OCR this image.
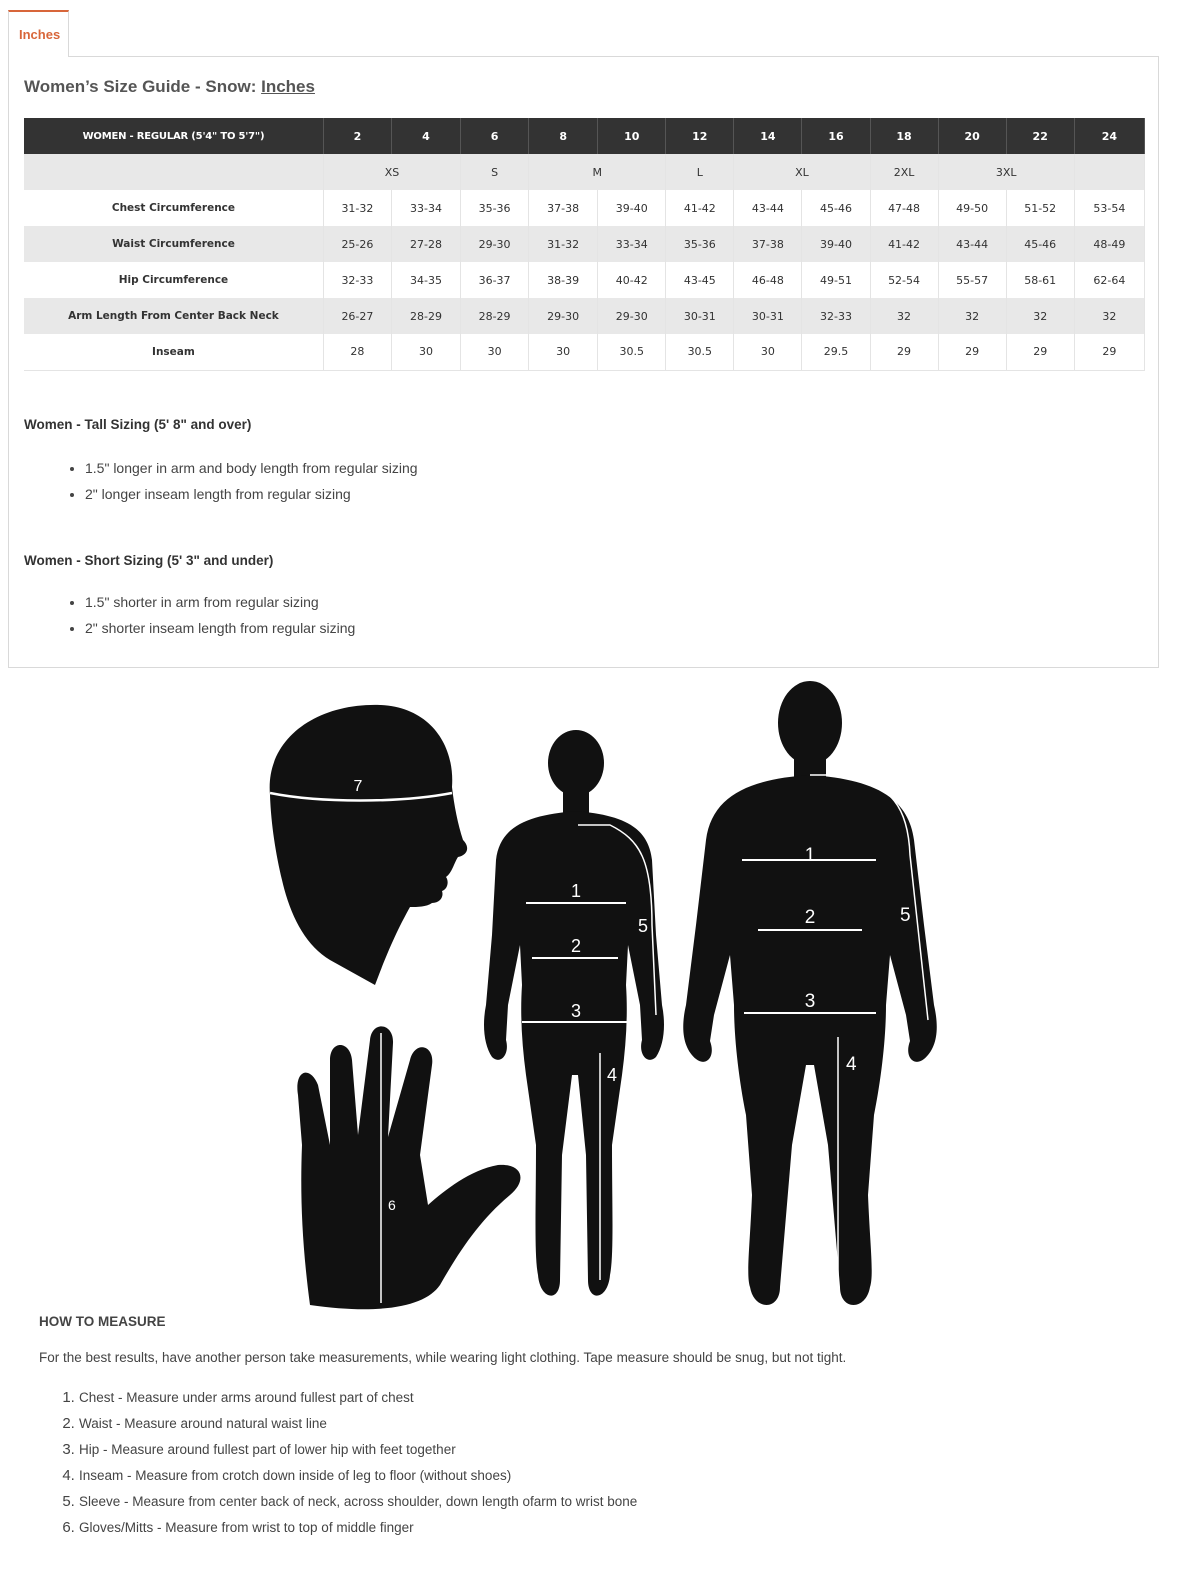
Inches
Women’s Size Guide - Snow: Inches
WOMEN - REGULAR (5'4" TO 5'7")	2	4	6	8	10	12	14	16	18	20	22	24
	XS		S	M		L	XL		2XL	3XL		
Chest Circumference	31-32	33-34	35-36	37-38	39-40	41-42	43-44	45-46	47-48	49-50	51-52	53-54
Waist Circumference	25-26	27-28	29-30	31-32	33-34	35-36	37-38	39-40	41-42	43-44	45-46	48-49
Hip Circumference	32-33	34-35	36-37	38-39	40-42	43-45	46-48	49-51	52-54	55-57	58-61	62-64
Arm Length From Center Back Neck	26-27	28-29	28-29	29-30	29-30	30-31	30-31	32-33	32	32	32	32
Inseam	28	30	30	30	30.5	30.5	30	29.5	29	29	29	29
Women - Tall Sizing (5' 8" and over)
• 1.5" longer in arm and body length from regular sizing
• 2" longer inseam length from regular sizing
Women - Short Sizing (5' 3" and under)
• 1.5" shorter in arm from regular sizing
• 2" shorter inseam length from regular sizing
7
6
1
2
3
4
5
1
2
3
4
5
HOW TO MEASURE

For the best results, have another person take measurements, while wearing light clothing. Tape measure should be snug, but not tight.

1. Chest - Measure under arms around fullest part of chest
2. Waist - Measure around natural waist line
3. Hip - Measure around fullest part of lower hip with feet together
4. Inseam - Measure from crotch down inside of leg to floor (without shoes)
5. Sleeve - Measure from center back of neck, across shoulder, down length ofarm to wrist bone
6. Gloves/Mitts - Measure from wrist to top of middle finger
